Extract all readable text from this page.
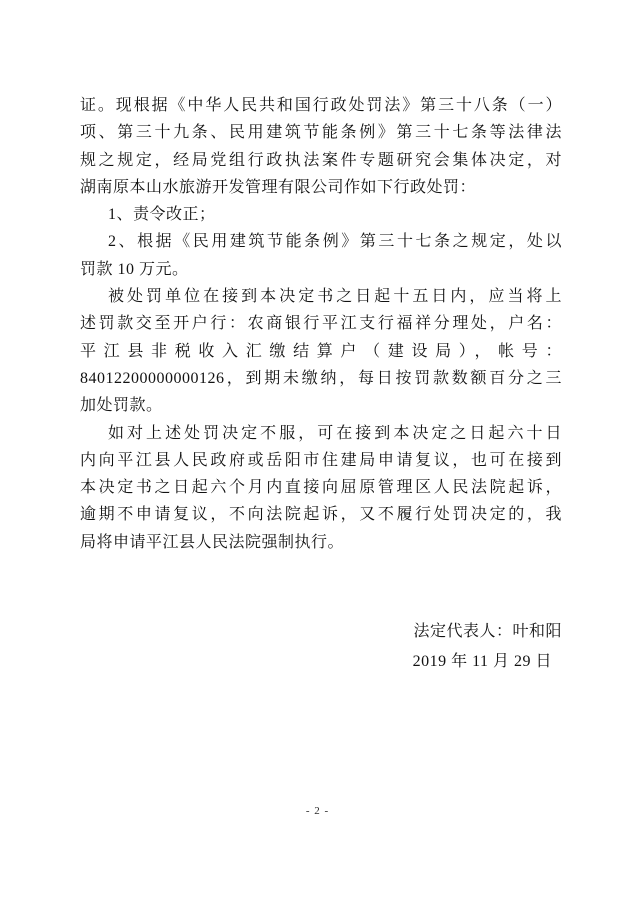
证。现根据《中华人民共和国行政处罚法》第三十八条（一）
项、第三十九条、民用建筑节能条例》第三十七条等法律法
规之规定，经局党组行政执法案件专题研究会集体决定，对
湖南原本山水旅游开发管理有限公司作如下行政处罚：
1、责令改正；
2、根据《民用建筑节能条例》第三十七条之规定，处以
罚款 10 万元。
被处罚单位在接到本决定书之日起十五日内，应当将上
述罚款交至开户行：农商银行平江支行福祥分理处，户名：
平江县非税收入汇缴结算户（建设局），帐号：
84012200000000126，到期未缴纳，每日按罚款数额百分之三
加处罚款。
如对上述处罚决定不服，可在接到本决定之日起六十日
内向平江县人民政府或岳阳市住建局申请复议，也可在接到
本决定书之日起六个月内直接向屈原管理区人民法院起诉，
逾期不申请复议，不向法院起诉，又不履行处罚决定的，我
局将申请平江县人民法院强制执行。
法定代表人：叶和阳
2019 年 11 月 29 日
- 2 -
